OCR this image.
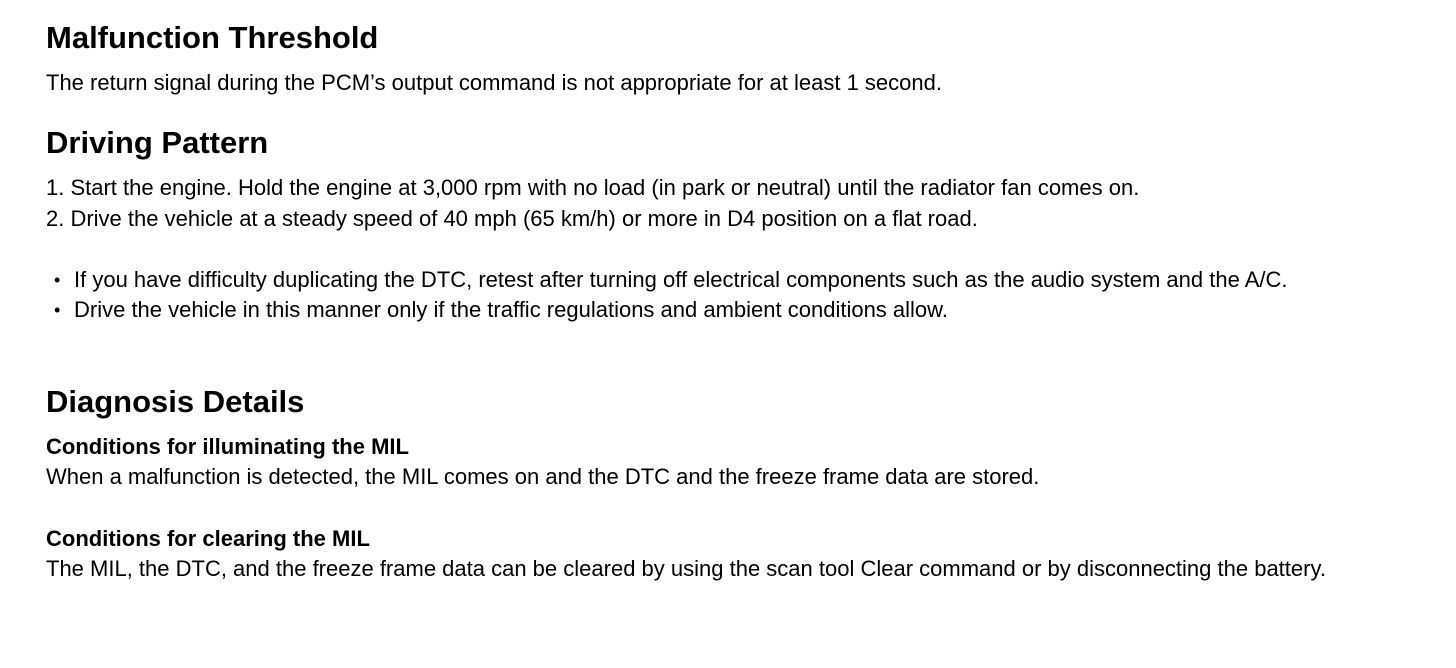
Malfunction Threshold
The return signal during the PCM’s output command is not appropriate for at least 1 second.
Driving Pattern
1. Start the engine. Hold the engine at 3,000 rpm with no load (in park or neutral) until the radiator fan comes on.
2. Drive the vehicle at a steady speed of 40 mph (65 km/h) or more in D4 position on a flat road.
• If you have difficulty duplicating the DTC, retest after turning off electrical components such as the audio system and the A/C.
• Drive the vehicle in this manner only if the traffic regulations and ambient conditions allow.
Diagnosis Details
Conditions for illuminating the MIL
When a malfunction is detected, the MIL comes on and the DTC and the freeze frame data are stored.
Conditions for clearing the MIL
The MIL, the DTC, and the freeze frame data can be cleared by using the scan tool Clear command or by disconnecting the battery.
